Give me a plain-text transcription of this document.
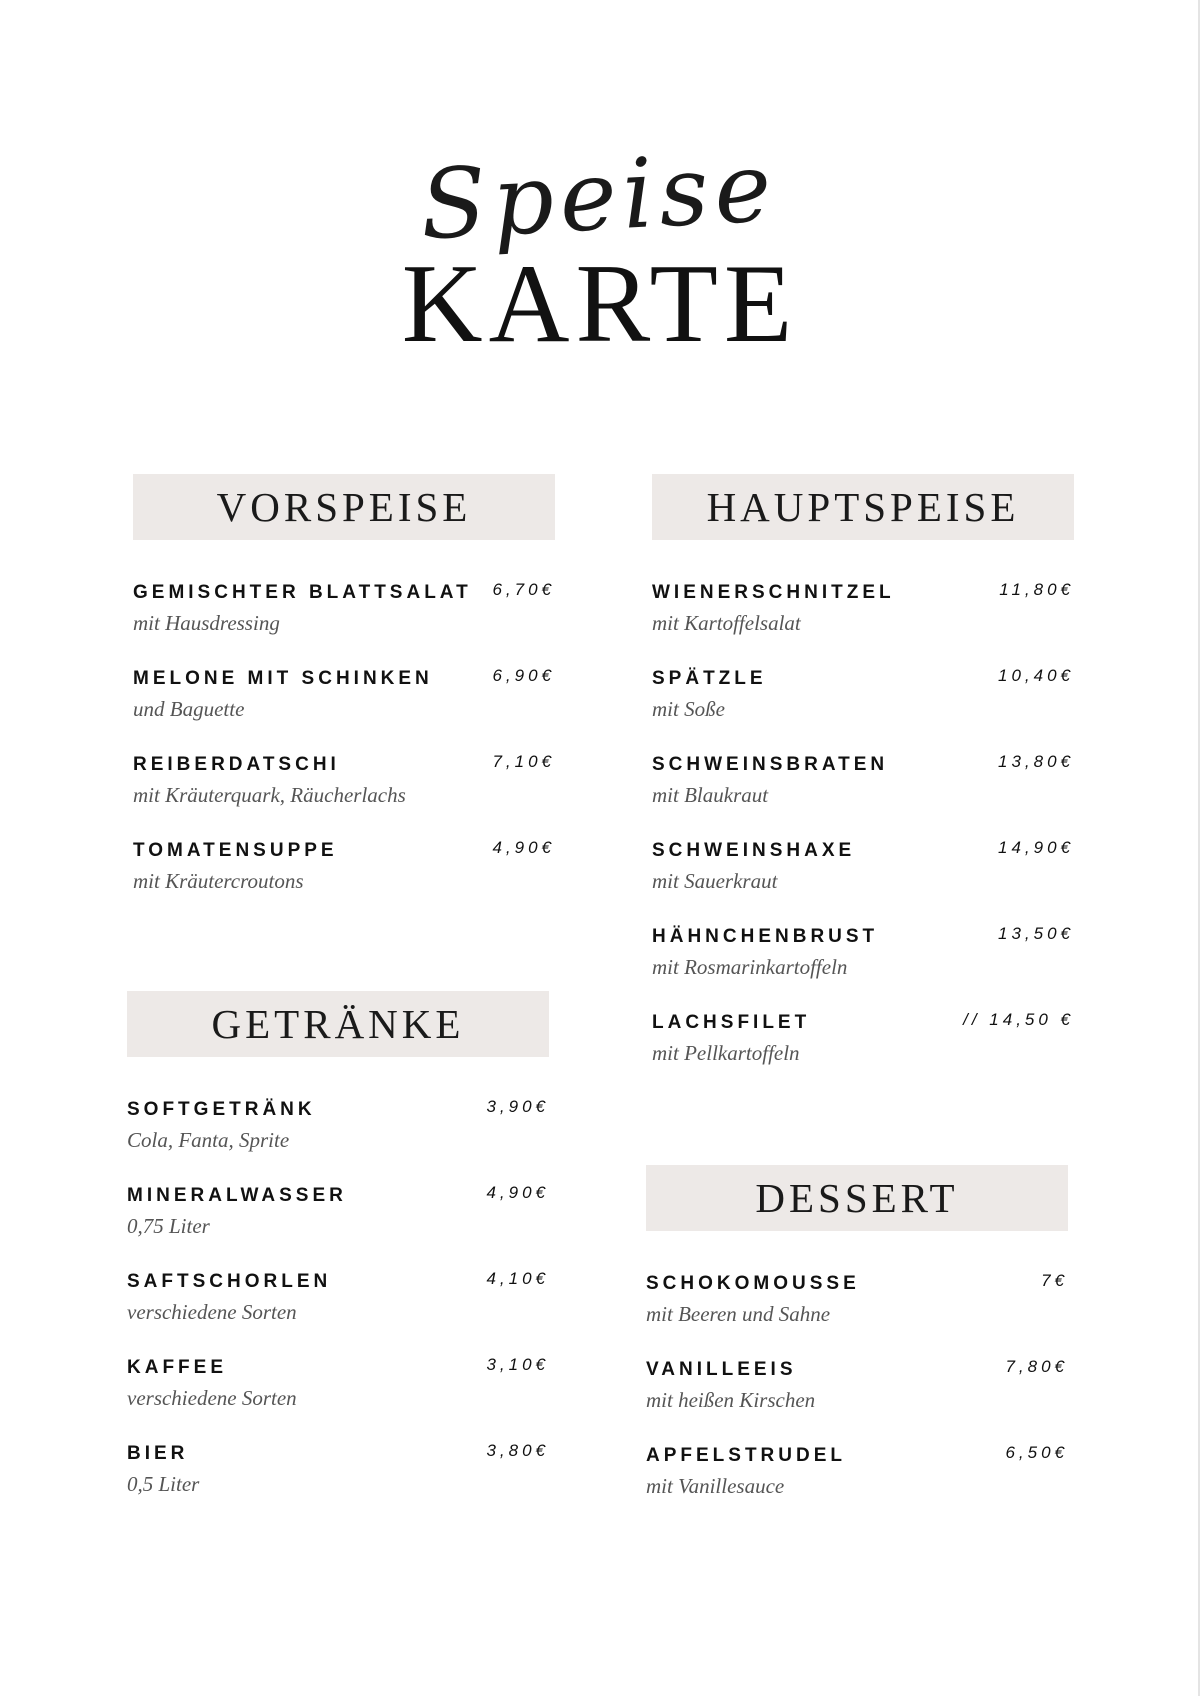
Speise
KARTE
VORSPEISE
GEMISCHTER BLATTSALAT 6,70€
mit Hausdressing
MELONE MIT SCHINKEN	6,90€
und Baguette
REIBERDATSCHI	7,10€
mit Kräuterquark, Räucherlachs
TOMATENSUPPE	4,90€
mit Kräutercroutons
HAUPTSPEISE
WIENERSCHNITZEL	11,80€
mit Kartoffelsalat
SPÄTZLE	10,40€
mit Soße
SCHWEINSBRATEN	13,80€
mit Blaukraut
SCHWEINSHAXE	14,90€
mit Sauerkraut
HÄHNCHENBRUST	13,50€
mit Rosmarinkartoffeln
LACHSFILET	// 14,50 €
mit Pellkartoffeln
GETRÄNKE
SOFTGETRÄNK	3,90€
Cola, Fanta, Sprite
MINERALWASSER	4,90€
0,75 Liter
SAFTSCHORLEN	4,10€
verschiedene Sorten
KAFFEE	3,10€
verschiedene Sorten
BIER	3,80€
0,5 Liter
DESSERT
SCHOKOMOUSSE	7€
mit Beeren und Sahne
VANILLEEIS	7,80€
mit heißen Kirschen
APFELSTRUDEL	6,50€
mit Vanillesauce
